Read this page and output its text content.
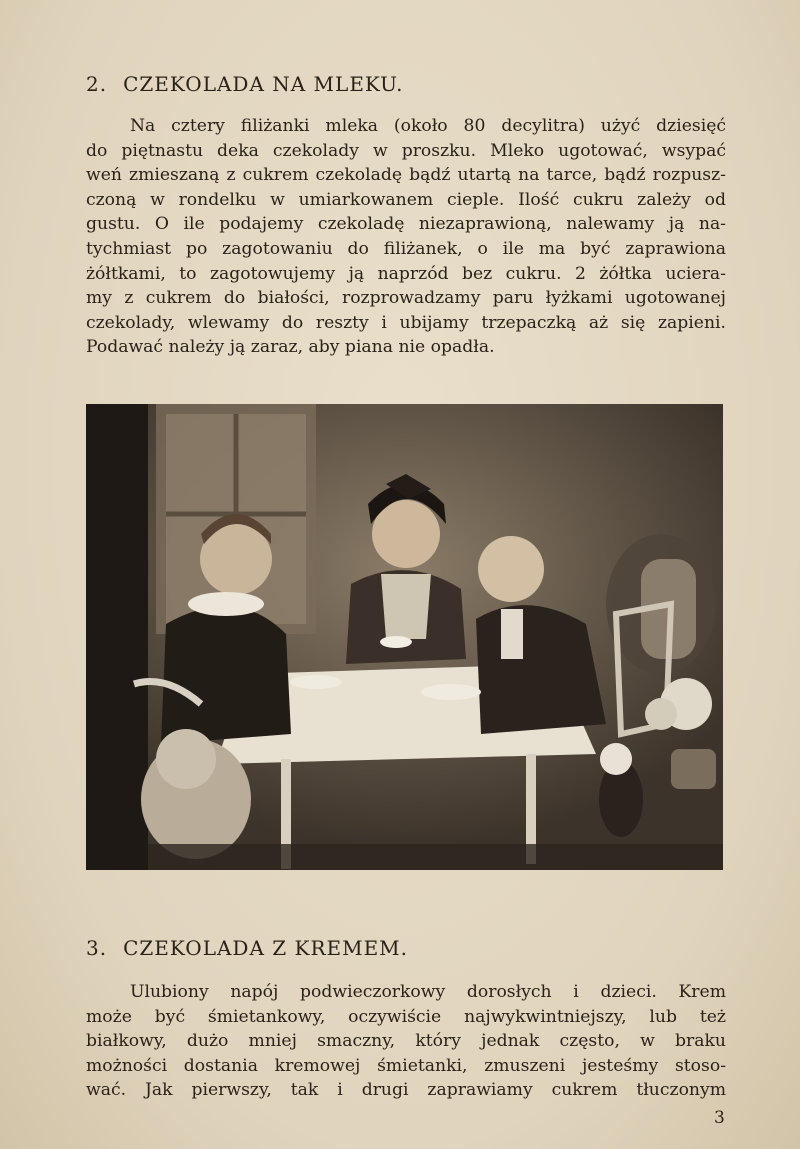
2. CZEKOLADA NA MLEKU.
Na cztery filiżanki mleka (około 80 decylitra) użyć dziesięć
do piętnastu deka czekolady w proszku. Mleko ugotować, wsypać
weń zmieszaną z cukrem czekoladę bądź utartą na tarce, bądź rozpusz-
czoną w rondelku w umiarkowanem cieple. Ilość cukru zależy od
gustu. O ile podajemy czekoladę niezaprawioną, nalewamy ją na-
tychmiast po zagotowaniu do filiżanek, o ile ma być zaprawiona
żółtkami, to zagotowujemy ją naprzód bez cukru. 2 żółtka uciera-
my z cukrem do białości, rozprowadzamy paru łyżkami ugotowanej
czekolady, wlewamy do reszty i ubijamy trzepaczką aż się zapieni.
Podawać należy ją zaraz, aby piana nie opadła.
3. CZEKOLADA Z KREMEM.
Ulubiony napój podwieczorkowy dorosłych i dzieci. Krem
może być śmietankowy, oczywiście najwykwintniejszy, lub też
białkowy, dużo mniej smaczny, który jednak często, w braku
możności dostania kremowej śmietanki, zmuszeni jesteśmy stoso-
wać. Jak pierwszy, tak i drugi zaprawiamy cukrem tłuczonym
3
